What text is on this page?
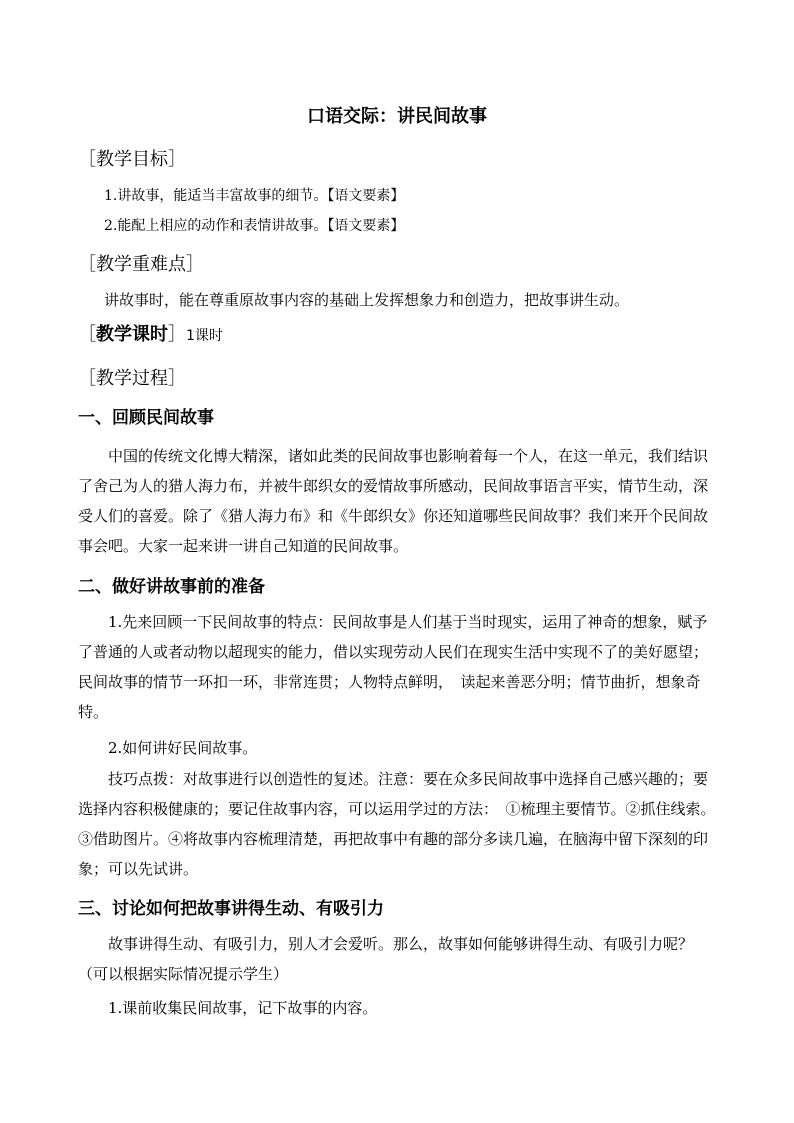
口语交际：讲民间故事
［教学目标］
1.讲故事，能适当丰富故事的细节。【语文要素】
2.能配上相应的动作和表情讲故事。【语文要素】
［教学重难点］
讲故事时，能在尊重原故事内容的基础上发挥想象力和创造力，把故事讲生动。
［教学课时］1课时
［教学过程］
一、回顾民间故事
中国的传统文化博大精深，诸如此类的民间故事也影响着每一个人，在这一单元，我们结识了舍己为人的猎人海力布，并被牛郎织女的爱情故事所感动，民间故事语言平实，情节生动，深受人们的喜爱。除了《猎人海力布》和《牛郎织女》你还知道哪些民间故事？我们来开个民间故事会吧。大家一起来讲一讲自己知道的民间故事。
二、做好讲故事前的准备
1.先来回顾一下民间故事的特点：民间故事是人们基于当时现实，运用了神奇的想象，赋予了普通的人或者动物以超现实的能力，借以实现劳动人民们在现实生活中实现不了的美好愿望；民间故事的情节一环扣一环，非常连贯；人物特点鲜明，　读起来善恶分明；情节曲折，想象奇特。
2.如何讲好民间故事。
技巧点拨：对故事进行以创造性的复述。注意：要在众多民间故事中选择自己感兴趣的；要选择内容积极健康的；要记住故事内容，可以运用学过的方法：　①梳理主要情节。②抓住线索。③借助图片。④将故事内容梳理清楚，再把故事中有趣的部分多读几遍，在脑海中留下深刻的印象；可以先试讲。
三、讨论如何把故事讲得生动、有吸引力
故事讲得生动、有吸引力，别人才会爱听。那么，故事如何能够讲得生动、有吸引力呢？（可以根据实际情况提示学生）
1.课前收集民间故事，记下故事的内容。
